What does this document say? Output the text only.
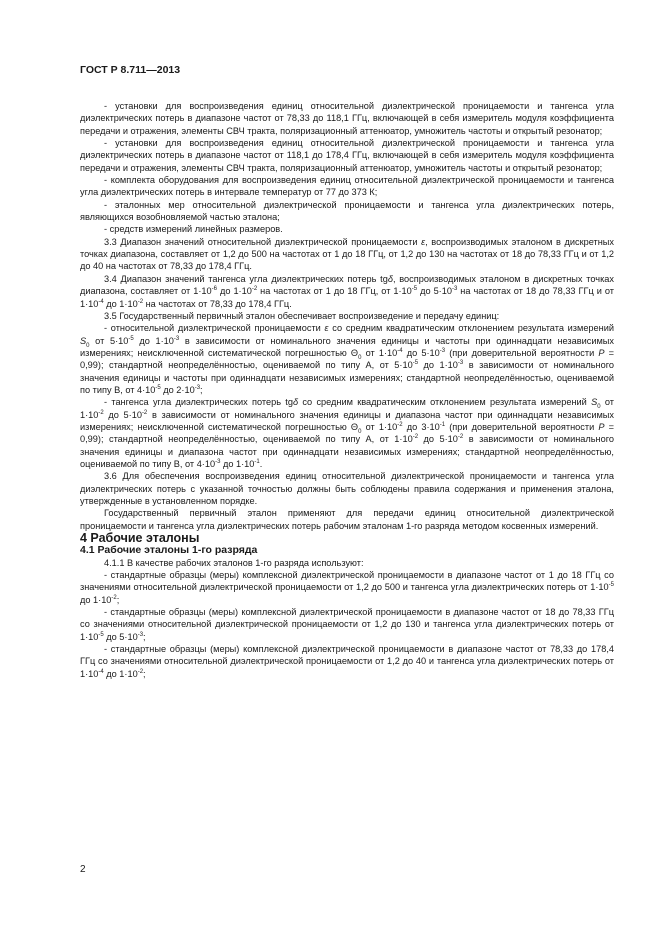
ГОСТ Р 8.711—2013

- установки для воспроизведения единиц относительной диэлектрической проницаемости и тангенса угла диэлектрических потерь в диапазоне частот от 78,33 до 118,1 ГГц, включающей в себя измеритель модуля коэффициента передачи и отражения, элементы СВЧ тракта, поляризационный аттенюатор, умножитель частоты и открытый резонатор;

- установки для воспроизведения единиц относительной диэлектрической проницаемости и тангенса угла диэлектрических потерь в диапазоне частот от 118,1 до 178,4 ГГц, включающей в себя измеритель модуля коэффициента передачи и отражения, элементы СВЧ тракта, поляризационный аттенюатор, умножитель частоты и открытый резонатор;

- комплекта оборудования для воспроизведения единиц относительной диэлектрической проницаемости и тангенса угла диэлектрических потерь в интервале температур от 77 до 373 К;

- эталонных мер относительной диэлектрической проницаемости и тангенса угла диэлектрических потерь, являющихся возобновляемой частью эталона;

- средств измерений линейных размеров.

3.3 Диапазон значений относительной диэлектрической проницаемости ε, воспроизводимых эталоном в дискретных точках диапазона, составляет от 1,2 до 500 на частотах от 1 до 18 ГГц, от 1,2 до 130 на частотах от 18 до 78,33 ГГц и от 1,2 до 40 на частотах от 78,33 до 178,4 ГГц.

3.4 Диапазон значений тангенса угла диэлектрических потерь tgδ, воспроизводимых эталоном в дискретных точках диапазона, составляет от $1\cdot 10^{-6}$ до $1\cdot 10^{-2}$ на частотах от 1 до 18 ГГц, от $1\cdot 10^{-5}$ до $5\cdot 10^{-3}$ на частотах от 18 до 78,33 ГГц и от $1\cdot 10^{-4}$ до $1\cdot 10^{-2}$ на частотах от 78,33 до 178,4 ГГц.

3.5 Государственный первичный эталон обеспечивает воспроизведение и передачу единиц:

- относительной диэлектрической проницаемости ε со средним квадратическим отклонением результата измерений $S_0$ от $5\cdot 10^{-5}$ до $1\cdot 10^{-3}$ в зависимости от номинального значения единицы и частоты при одиннадцати независимых измерениях; неисключенной систематической погрешностью $\Theta_0$ от $1\cdot 10^{-4}$ до $5\cdot 10^{-3}$ (при доверительной вероятности P = 0,99); стандартной неопределённостью, оцениваемой по типу А, от $5\cdot 10^{-5}$ до $1\cdot 10^{-3}$ в зависимости от номинального значения единицы и частоты при одиннадцати независимых измерениях; стандартной неопределённостью, оцениваемой по типу В, от $4\cdot 10^{-5}$ до $2\cdot 10^{-3}$;

- тангенса угла диэлектрических потерь tgδ со средним квадратическим отклонением результата измерений $S_0$ от $1\cdot 10^{-2}$ до $5\cdot 10^{-2}$ в зависимости от номинального значения единицы и диапазона частот при одиннадцати независимых измерениях; неисключенной систематической погрешностью $\Theta_0$ от $1\cdot 10^{-2}$ до $3\cdot 10^{-1}$ (при доверительной вероятности P = 0,99); стандартной неопределённостью, оцениваемой по типу А, от $1\cdot 10^{-2}$ до $5\cdot 10^{-2}$ в зависимости от номинального значения единицы и диапазона частот при одиннадцати независимых измерениях; стандартной неопределённостью, оцениваемой по типу В, от $4\cdot 10^{-3}$ до $1\cdot 10^{-1}$.

3.6 Для обеспечения воспроизведения единиц относительной диэлектрической проницаемости и тангенса угла диэлектрических потерь с указанной точностью должны быть соблюдены правила содержания и применения эталона, утвержденные в установленном порядке.

Государственный первичный эталон применяют для передачи единиц относительной диэлектрической проницаемости и тангенса угла диэлектрических потерь рабочим эталонам 1-го разряда методом косвенных измерений.

4 Рабочие эталоны

4.1 Рабочие эталоны 1-го разряда

4.1.1 В качестве рабочих эталонов 1-го разряда используют:

- стандартные образцы (меры) комплексной диэлектрической проницаемости в диапазоне частот от 1 до 18 ГГц со значениями относительной диэлектрической проницаемости от 1,2 до 500 и тангенса угла диэлектрических потерь от $1\cdot 10^{-5}$ до $1\cdot 10^{-2}$;

- стандартные образцы (меры) комплексной диэлектрической проницаемости в диапазоне частот от 18 до 78,33 ГГц со значениями относительной диэлектрической проницаемости от 1,2 до 130 и тангенса угла диэлектрических потерь от $1\cdot 10^{-5}$ до $5\cdot 10^{-3}$;

- стандартные образцы (меры) комплексной диэлектрической проницаемости в диапазоне частот от 78,33 до 178,4 ГГц со значениями относительной диэлектрической проницаемости от 1,2 до 40 и тангенса угла диэлектрических потерь от $1\cdot 10^{-4}$ до $1\cdot 10^{-2}$;

2
